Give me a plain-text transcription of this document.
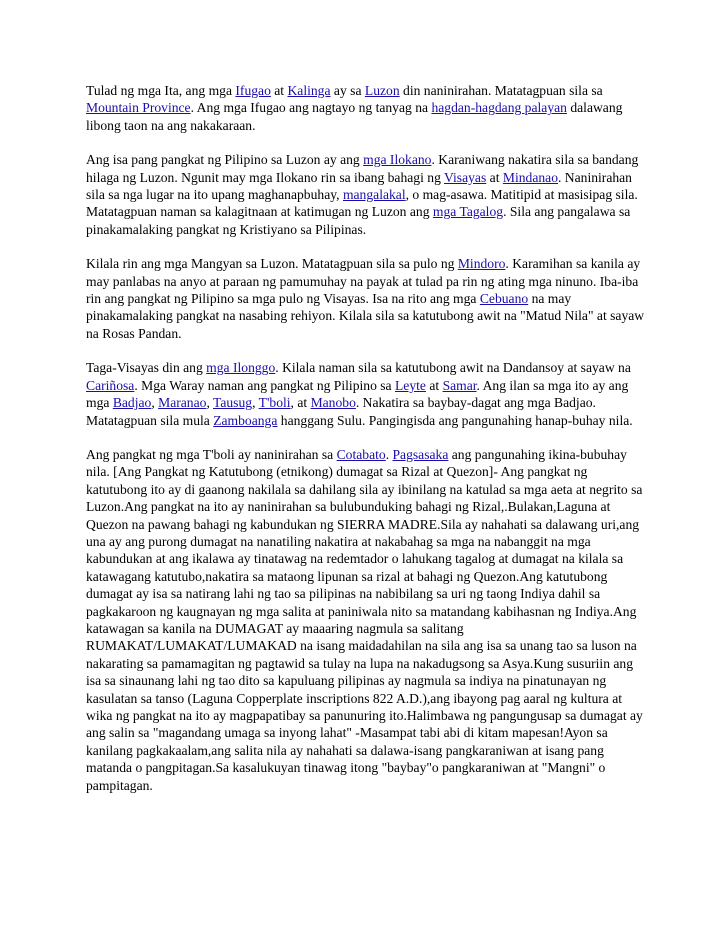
Tulad ng mga Ita, ang mga Ifugao at Kalinga ay sa Luzon din naninirahan. Matatagpuan sila sa Mountain Province. Ang mga Ifugao ang nagtayo ng tanyag na hagdan-hagdang palayan dalawang libong taon na ang nakakaraan.

Ang isa pang pangkat ng Pilipino sa Luzon ay ang mga Ilokano. Karaniwang nakatira sila sa bandang hilaga ng Luzon. Ngunit may mga Ilokano rin sa ibang bahagi ng Visayas at Mindanao. Naninirahan sila sa nga lugar na ito upang maghanapbuhay, mangalakal, o mag-asawa. Matitipid at masisipag sila. Matatagpuan naman sa kalagitnaan at katimugan ng Luzon ang mga Tagalog. Sila ang pangalawa sa pinakamalaking pangkat ng Kristiyano sa Pilipinas.

Kilala rin ang mga Mangyan sa Luzon. Matatagpuan sila sa pulo ng Mindoro. Karamihan sa kanila ay may panlabas na anyo at paraan ng pamumuhay na payak at tulad pa rin ng ating mga ninuno. Iba-iba rin ang pangkat ng Pilipino sa mga pulo ng Visayas. Isa na rito ang mga Cebuano na may pinakamalaking pangkat na nasabing rehiyon. Kilala sila sa katutubong awit na "Matud Nila" at sayaw na Rosas Pandan.

Taga-Visayas din ang mga Ilonggo. Kilala naman sila sa katutubong awit na Dandansoy at sayaw na Cariñosa. Mga Waray naman ang pangkat ng Pilipino sa Leyte at Samar. Ang ilan sa mga ito ay ang mga Badjao, Maranao, Tausug, T'boli, at Manobo. Nakatira sa baybay-dagat ang mga Badjao. Matatagpuan sila mula Zamboanga hanggang Sulu. Pangingisda ang pangunahing hanap-buhay nila.

Ang pangkat ng mga T'boli ay naninirahan sa Cotabato. Pagsasaka ang pangunahing ikina-bubuhay nila. [Ang Pangkat ng Katutubong (etnikong) dumagat sa Rizal at Quezon]- Ang pangkat ng katutubong ito ay di gaanong nakilala sa dahilang sila ay ibinilang na katulad sa mga aeta at negrito sa Luzon.Ang pangkat na ito ay naninirahan sa bulubunduking bahagi ng Rizal,.Bulakan,Laguna at Quezon na pawang bahagi ng kabundukan ng SIERRA MADRE.Sila ay nahahati sa dalawang uri,ang una ay ang purong dumagat na nanatiling nakatira at nakabahag sa mga na nabanggit na mga kabundukan at ang ikalawa ay tinatawag na redemtador o lahukang tagalog at dumagat na kilala sa katawagang katutubo,nakatira sa mataong lipunan sa rizal at bahagi ng Quezon.Ang katutubong dumagat ay isa sa natirang lahi ng tao sa pilipinas na nabibilang sa uri ng taong Indiya dahil sa pagkakaroon ng kaugnayan ng mga salita at paniniwala nito sa matandang kabihasnan ng Indiya.Ang katawagan sa kanila na DUMAGAT ay maaaring nagmula sa salitang RUMAKAT/LUMAKAT/LUMAKAD na isang maidadahilan na sila ang isa sa unang tao sa luson na nakarating sa pamamagitan ng pagtawid sa tulay na lupa na nakadugsong sa Asya.Kung susuriin ang isa sa sinaunang lahi ng tao dito sa kapuluang pilipinas ay nagmula sa indiya na pinatunayan ng kasulatan sa tanso (Laguna Copperplate inscriptions 822 A.D.),ang ibayong pag aaral ng kultura at wika ng pangkat na ito ay magpapatibay sa panunuring ito.Halimbawa ng pangungusap sa dumagat ay ang salin sa "magandang umaga sa inyong lahat" -Masampat tabi abi di kitam mapesan!Ayon sa kanilang pagkakaalam,ang salita nila ay nahahati sa dalawa-isang pangkaraniwan at isang pang matanda o pangpitagan.Sa kasalukuyan tinawag itong "baybay"o pangkaraniwan at "Mangni" o pampitagan.
